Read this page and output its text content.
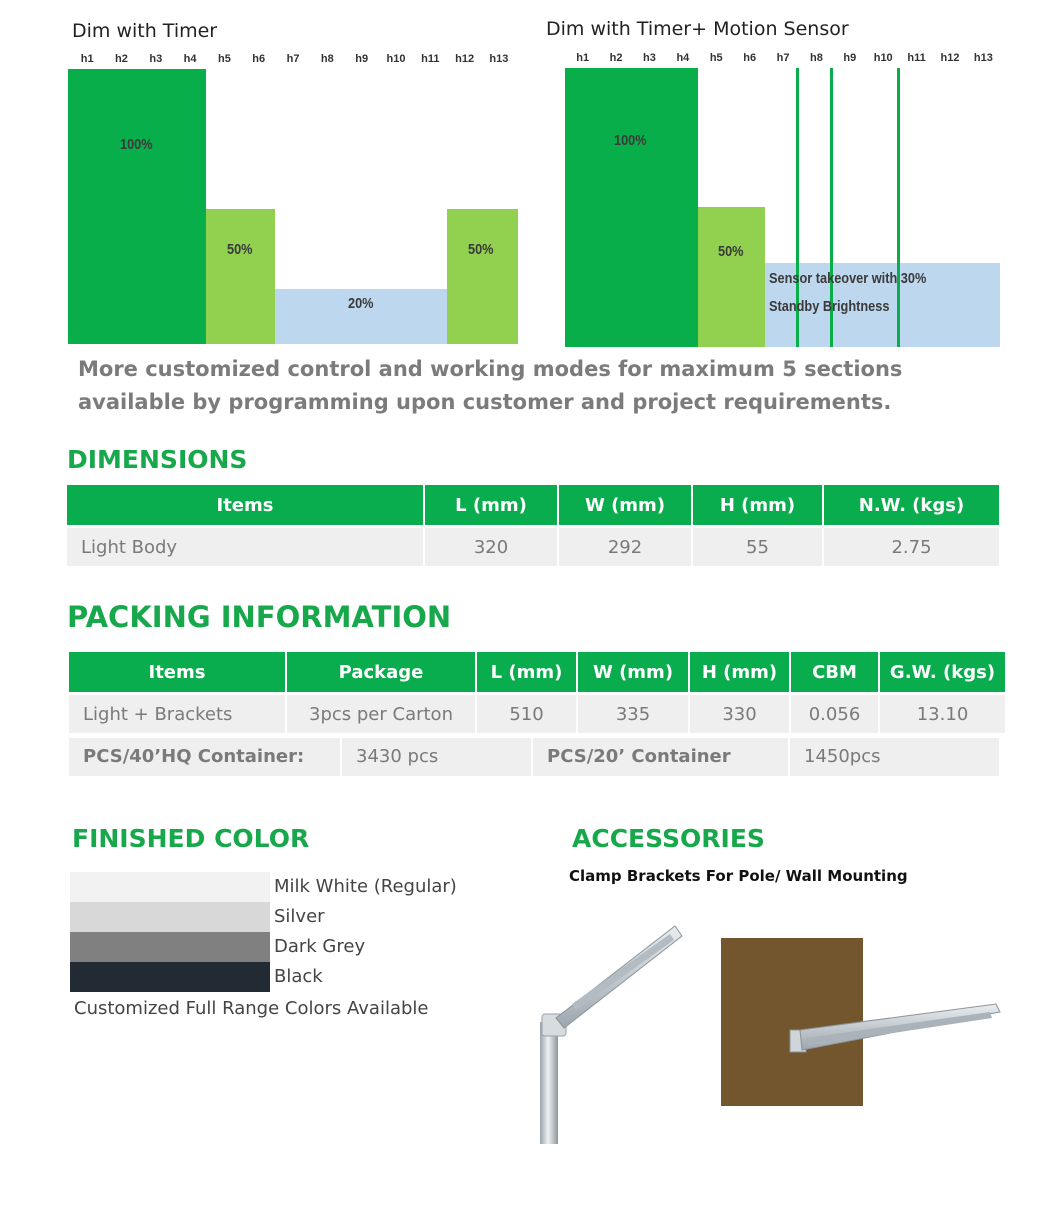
Dim with Timer
h1	h2	h3	h4	h5	h6	h7	h8	h9	h10	h11	h12	h13
100%
50%
20%
50%
Dim with Timer+ Motion Sensor
h1	h2	h3	h4	h5	h6	h7	h8	h9	h10	h11	h12	h13
100%
50%
Sensor takeover with 30%
Standby Brightness
More customized control and working modes for maximum 5 sections available by programming upon customer and project requirements.
DIMENSIONS
Items	L (mm)	W (mm)	H (mm)	N.W. (kgs)
Light Body	320	292	55	2.75
PACKING INFORMATION
Items	Package	L (mm)	W (mm)	H (mm)	CBM	G.W. (kgs)
Light + Brackets	3pcs per Carton	510	335	330	0.056	13.10
PCS/40’HQ Container:	3430 pcs	PCS/20’ Container	1450pcs
FINISHED COLOR
Milk White (Regular)
Silver
Dark Grey
Black
Customized Full Range Colors Available
ACCESSORIES
Clamp Brackets For Pole/ Wall Mounting
